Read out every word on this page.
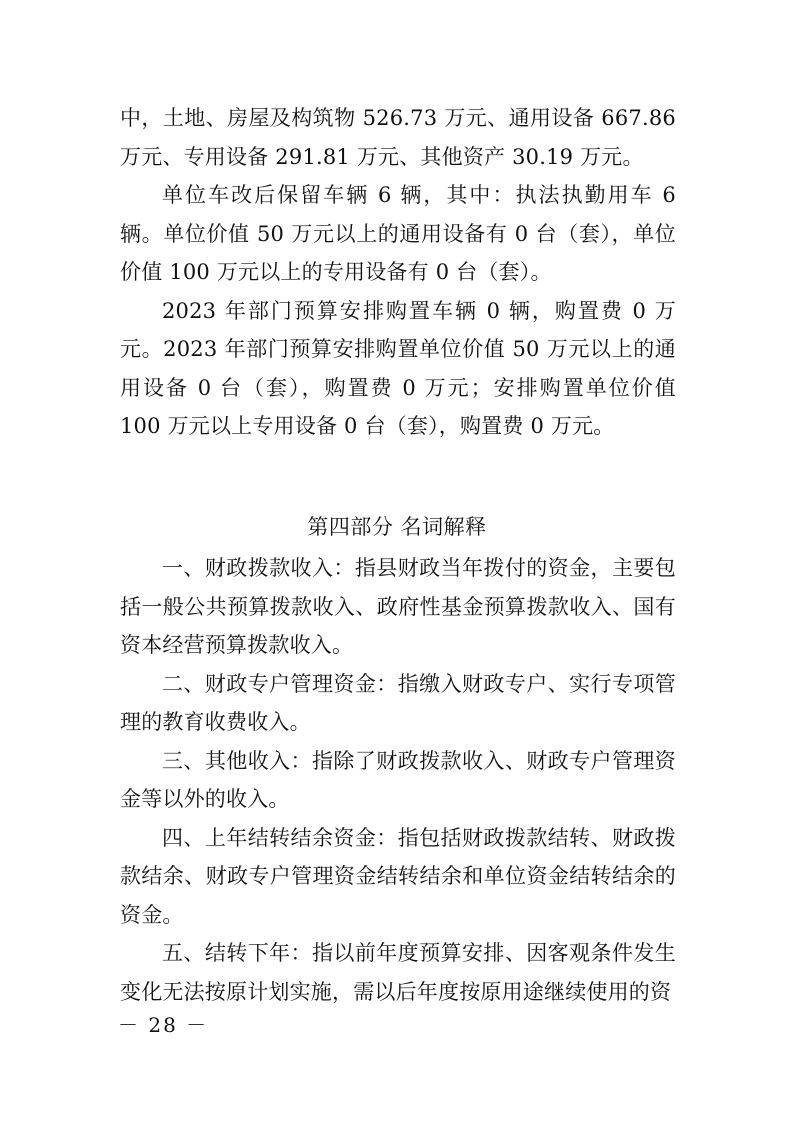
中，土地、房屋及构筑物 526.73 万元、通用设备 667.86 万元、专用设备 291.81 万元、其他资产 30.19 万元。

单位车改后保留车辆 6 辆，其中：执法执勤用车 6 辆。单位价值 50 万元以上的通用设备有 0 台（套），单位价值 100 万元以上的专用设备有 0 台（套）。

2023 年部门预算安排购置车辆 0 辆，购置费 0 万元。2023 年部门预算安排购置单位价值 50 万元以上的通用设备 0 台（套），购置费 0 万元；安排购置单位价值 100 万元以上专用设备 0 台（套），购置费 0 万元。

第四部分 名词解释

一、财政拨款收入：指县财政当年拨付的资金，主要包括一般公共预算拨款收入、政府性基金预算拨款收入、国有资本经营预算拨款收入。

二、财政专户管理资金：指缴入财政专户、实行专项管理的教育收费收入。

三、其他收入：指除了财政拨款收入、财政专户管理资金等以外的收入。

四、上年结转结余资金：指包括财政拨款结转、财政拨款结余、财政专户管理资金结转结余和单位资金结转结余的资金。

五、结转下年：指以前年度预算安排、因客观条件发生变化无法按原计划实施，需以后年度按原用途继续使用的资

－ 28 －
